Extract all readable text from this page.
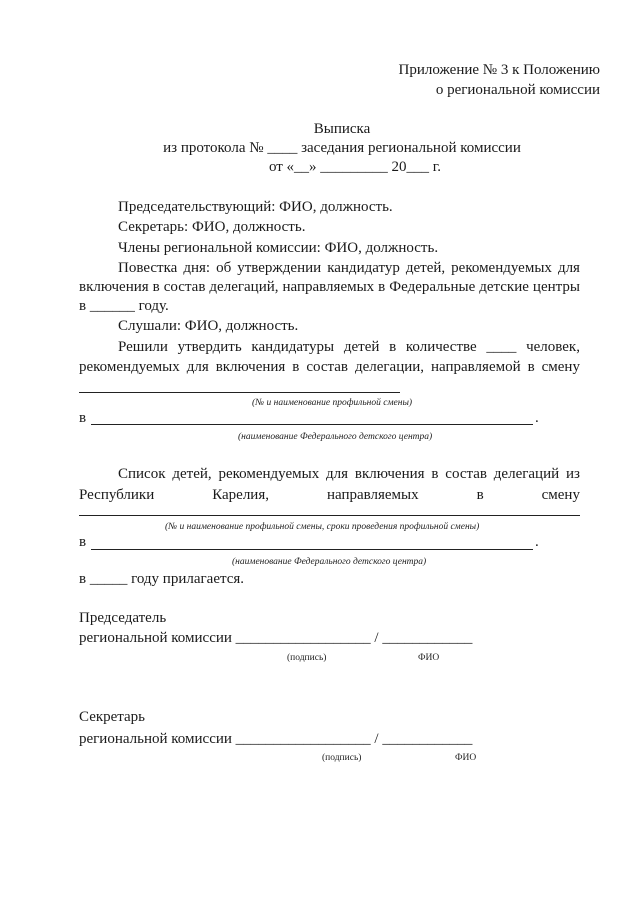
Приложение № 3 к Положению
о региональной комиссии
Выписка
из протокола № ____ заседания региональной комиссии
от «__» _________ 20___ г.
Председательствующий: ФИО, должность.
Секретарь: ФИО, должность.
Члены региональной комиссии: ФИО, должность.
Повестка дня: об утверждении кандидатур детей, рекомендуемых для
включения в состав делегаций, направляемых в Федеральные детские центры
в ______ году.
Слушали: ФИО, должность.
Решили утвердить кандидатуры детей в количестве ____ человек,
рекомендуемых для включения в состав делегации, направляемой в смену
(№ и наименование профильной смены)
в	.
(наименование Федерального детского центра)
Список детей, рекомендуемых для включения в состав делегаций из
Республики	Карелия,	направляемых	в	смену
(№ и наименование профильной смены, сроки проведения профильной смены)
в	.
(наименование Федерального детского центра)
в _____ году прилагается.
Председатель
региональной комиссии __________________ / ____________
(подпись)	ФИО
Секретарь
региональной комиссии __________________ / ____________
(подпись)	ФИО
